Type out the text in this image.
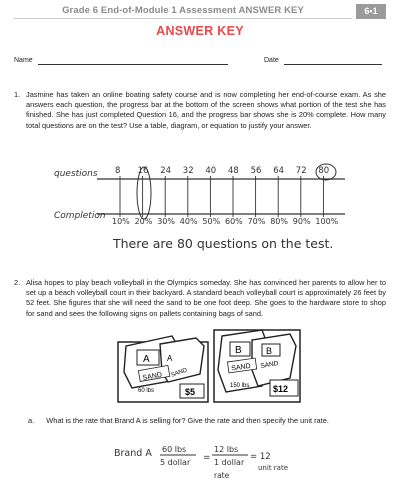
Grade 6 End-of-Module 1 Assessment ANSWER KEY	6•1
ANSWER KEY
Name	Date
1. Jasmine has taken an online boating safety course and is now completing her end-of-course exam. As she answers each question, the progress bar at the bottom of the screen shows what portion of the test she has finished. She has just completed Question 16, and the progress bar shows she is 20% complete. How many total questions are on the test? Use a table, diagram, or equation to justify your answer.
questions
Completion
8 16 24 32 40 48 56 64 72 80
10% 20% 30% 40% 50% 60% 70% 80% 90% 100%
There are 80 questions on the test.
2. Alisa hopes to play beach volleyball in the Olympics someday. She has convinced her parents to allow her to set up a beach volleyball court in their backyard. A standard beach volleyball court is approximately 26 feet by 52 feet. She figures that she will need the sand to be one foot deep. She goes to the hardware store to shop for sand and sees the following signs on pallets containing bags of sand.
A A
SAND SAND
60 lbs	$5
B	B
SAND SAND
150 lbs	$12
a. What is the rate that Brand A is selling for? Give the rate and then specify the unit rate.
Brand A 60 lbs
5 dollar =
12 lbs
1 dollar
rate
= 12
unit rate
